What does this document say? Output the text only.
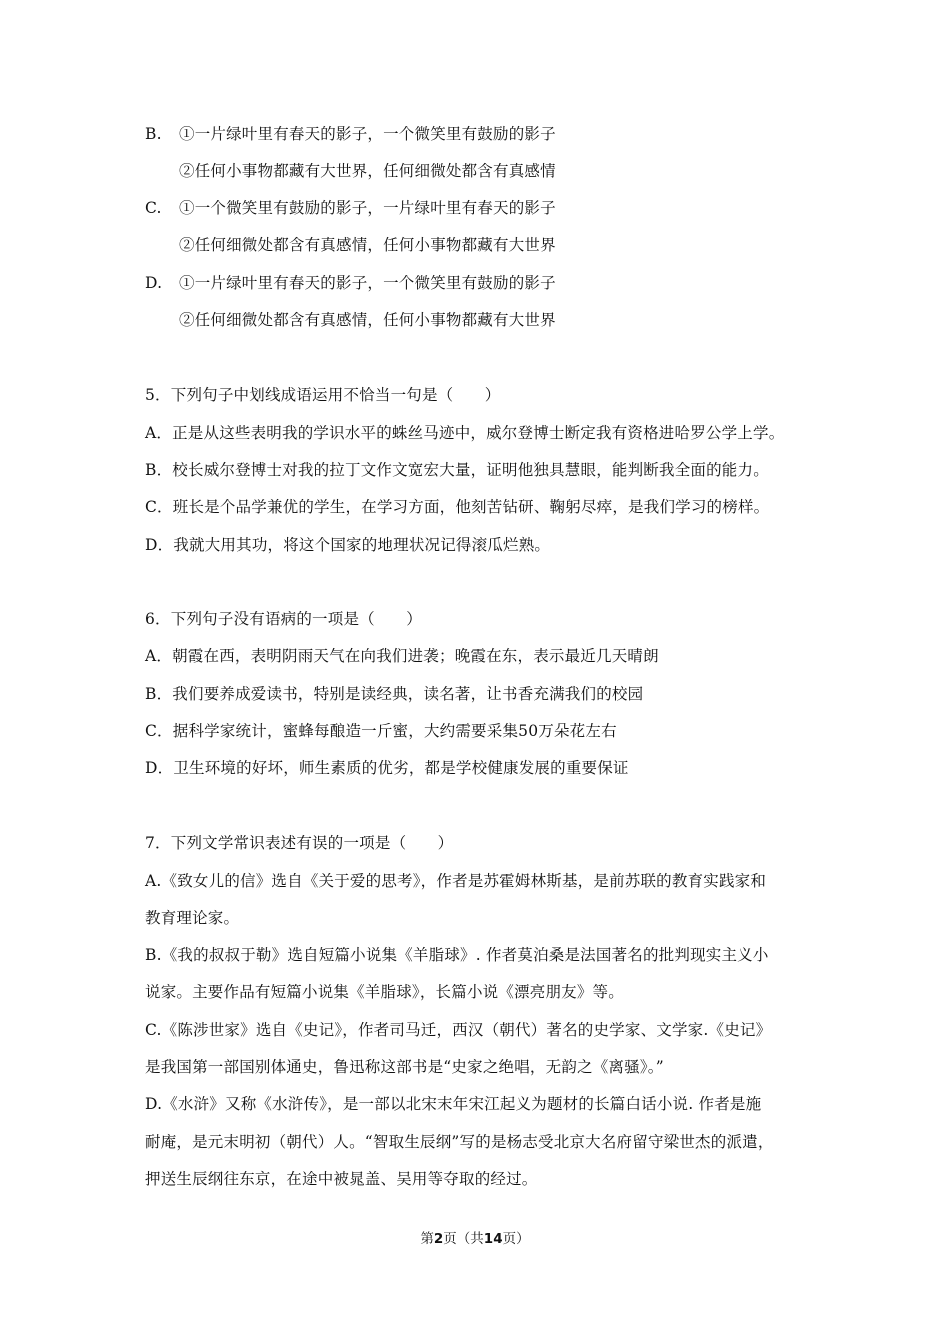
B. ①一片绿叶里有春天的影子，一个微笑里有鼓励的影子
②任何小事物都藏有大世界，任何细微处都含有真感情
C. ①一个微笑里有鼓励的影子，一片绿叶里有春天的影子
②任何细微处都含有真感情，任何小事物都藏有大世界
D. ①一片绿叶里有春天的影子，一个微笑里有鼓励的影子
②任何细微处都含有真感情，任何小事物都藏有大世界
5．下列句子中划线成语运用不恰当一句是（　　）
A．正是从这些表明我的学识水平的蛛丝马迹中，威尔登博士断定我有资格进哈罗公学上学。
B．校长威尔登博士对我的拉丁文作文宽宏大量，证明他独具慧眼，能判断我全面的能力。
C．班长是个品学兼优的学生，在学习方面，他刻苦钻研、鞠躬尽瘁，是我们学习的榜样。
D．我就大用其功，将这个国家的地理状况记得滚瓜烂熟。
6．下列句子没有语病的一项是（　　）
A．朝霞在西，表明阴雨天气在向我们进袭；晚霞在东，表示最近几天晴朗
B．我们要养成爱读书，特别是读经典，读名著，让书香充满我们的校园
C．据科学家统计，蜜蜂每酿造一斤蜜，大约需要采集50万朵花左右
D．卫生环境的好坏，师生素质的优劣，都是学校健康发展的重要保证
7．下列文学常识表述有误的一项是（　　）
A.《致女儿的信》选自《关于爱的思考》，作者是苏霍姆林斯基，是前苏联的教育实践家和
教育理论家。
B.《我的叔叔于勒》选自短篇小说集《羊脂球》. 作者莫泊桑是法国著名的批判现实主义小
说家。主要作品有短篇小说集《羊脂球》，长篇小说《漂亮朋友》等。
C.《陈涉世家》选自《史记》，作者司马迁，西汉（朝代）著名的史学家、文学家.《史记》
是我国第一部国别体通史，鲁迅称这部书是“史家之绝唱，无韵之《离骚》。”
D.《水浒》又称《水浒传》，是一部以北宋末年宋江起义为题材的长篇白话小说. 作者是施
耐庵，是元末明初（朝代）人。“智取生辰纲”写的是杨志受北京大名府留守梁世杰的派遣，
押送生辰纲往东京，在途中被晁盖、吴用等夺取的经过。
第2页（共14页）
